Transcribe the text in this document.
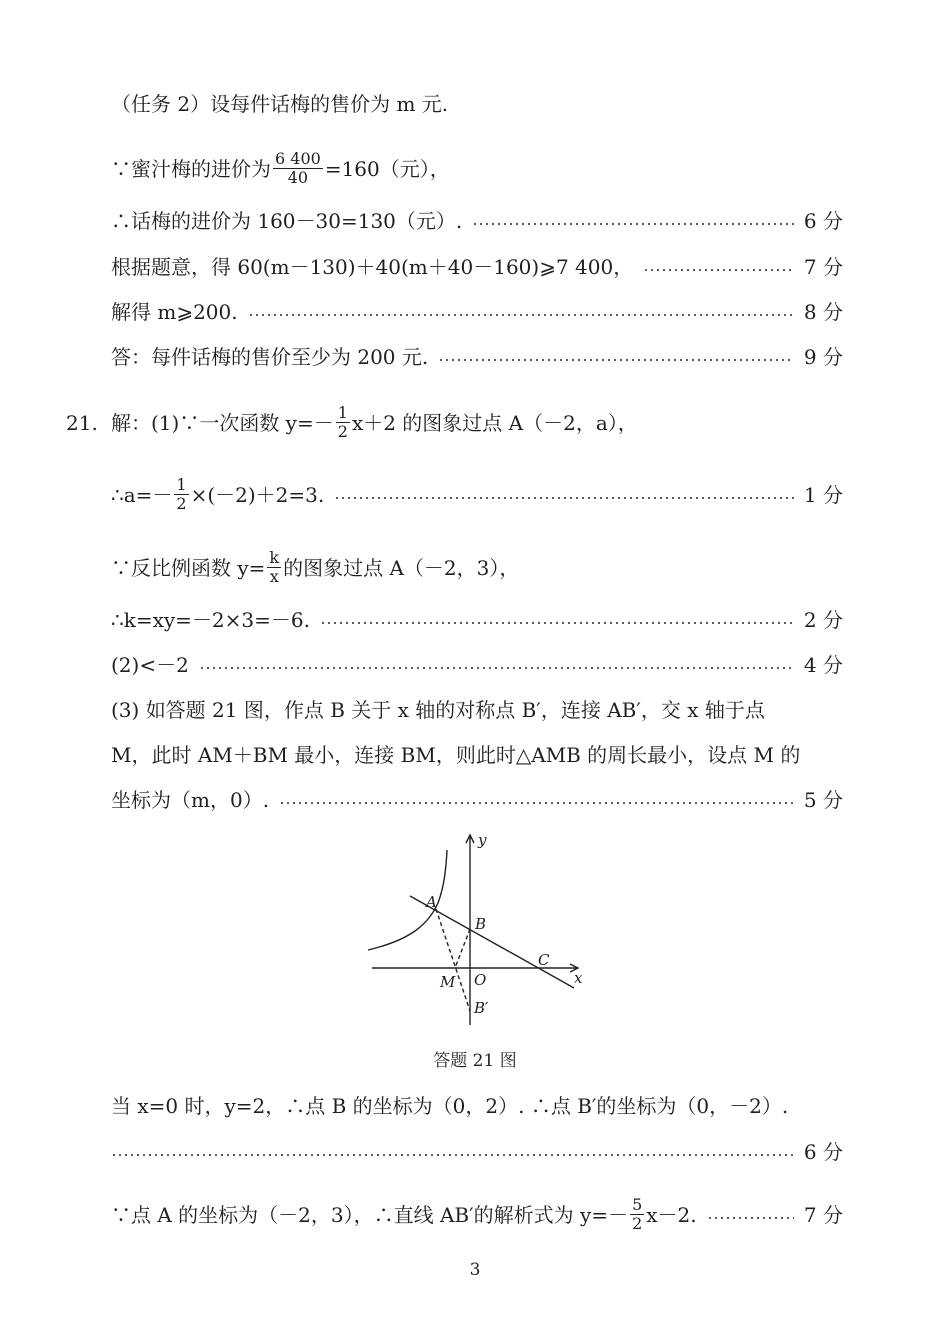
（任务 2）设每件话梅的售价为 m 元.
∵蜜汁梅的进价为 $\frac{6 400}{40} =160$（元），
∴话梅的进价为 160－30=130（元）.	6 分
根据题意，得 60(m－130)＋40(m＋40－160)⩾7 400，	7 分
解得 m⩾200.	8 分
答：每件话梅的售价至少为 200 元.	9 分
21. 解：(1)∵一次函数 $y=- \frac{1}{2} x+2$ 的图象过点 A（－2，a），
∴a=－ $\frac{1}{2} \times(-2)+2=3$.	1 分
∵反比例函数 $y= \frac{k}{x}$ 的图象过点 A（－2，3），
∴k=xy=－2×3=－6.	2 分
(2)<－2	4 分
(3) 如答题 21 图，作点 B 关于 x 轴的对称点 B′，连接 AB′，交 x 轴于点
M，此时 AM＋BM 最小，连接 BM，则此时△AMB 的周长最小，设点 M 的
坐标为（m，0）.	5 分
y
x
A
B
C
M O
B′
答题 21 图
当 x=0 时，y=2，∴点 B 的坐标为（0，2）. ∴点 B′的坐标为（0，－2）.
6 分
∵点 A 的坐标为（－2，3），∴直线 AB′的解析式为 $y=- \frac{5}{2} x-2$.	7 分
3
